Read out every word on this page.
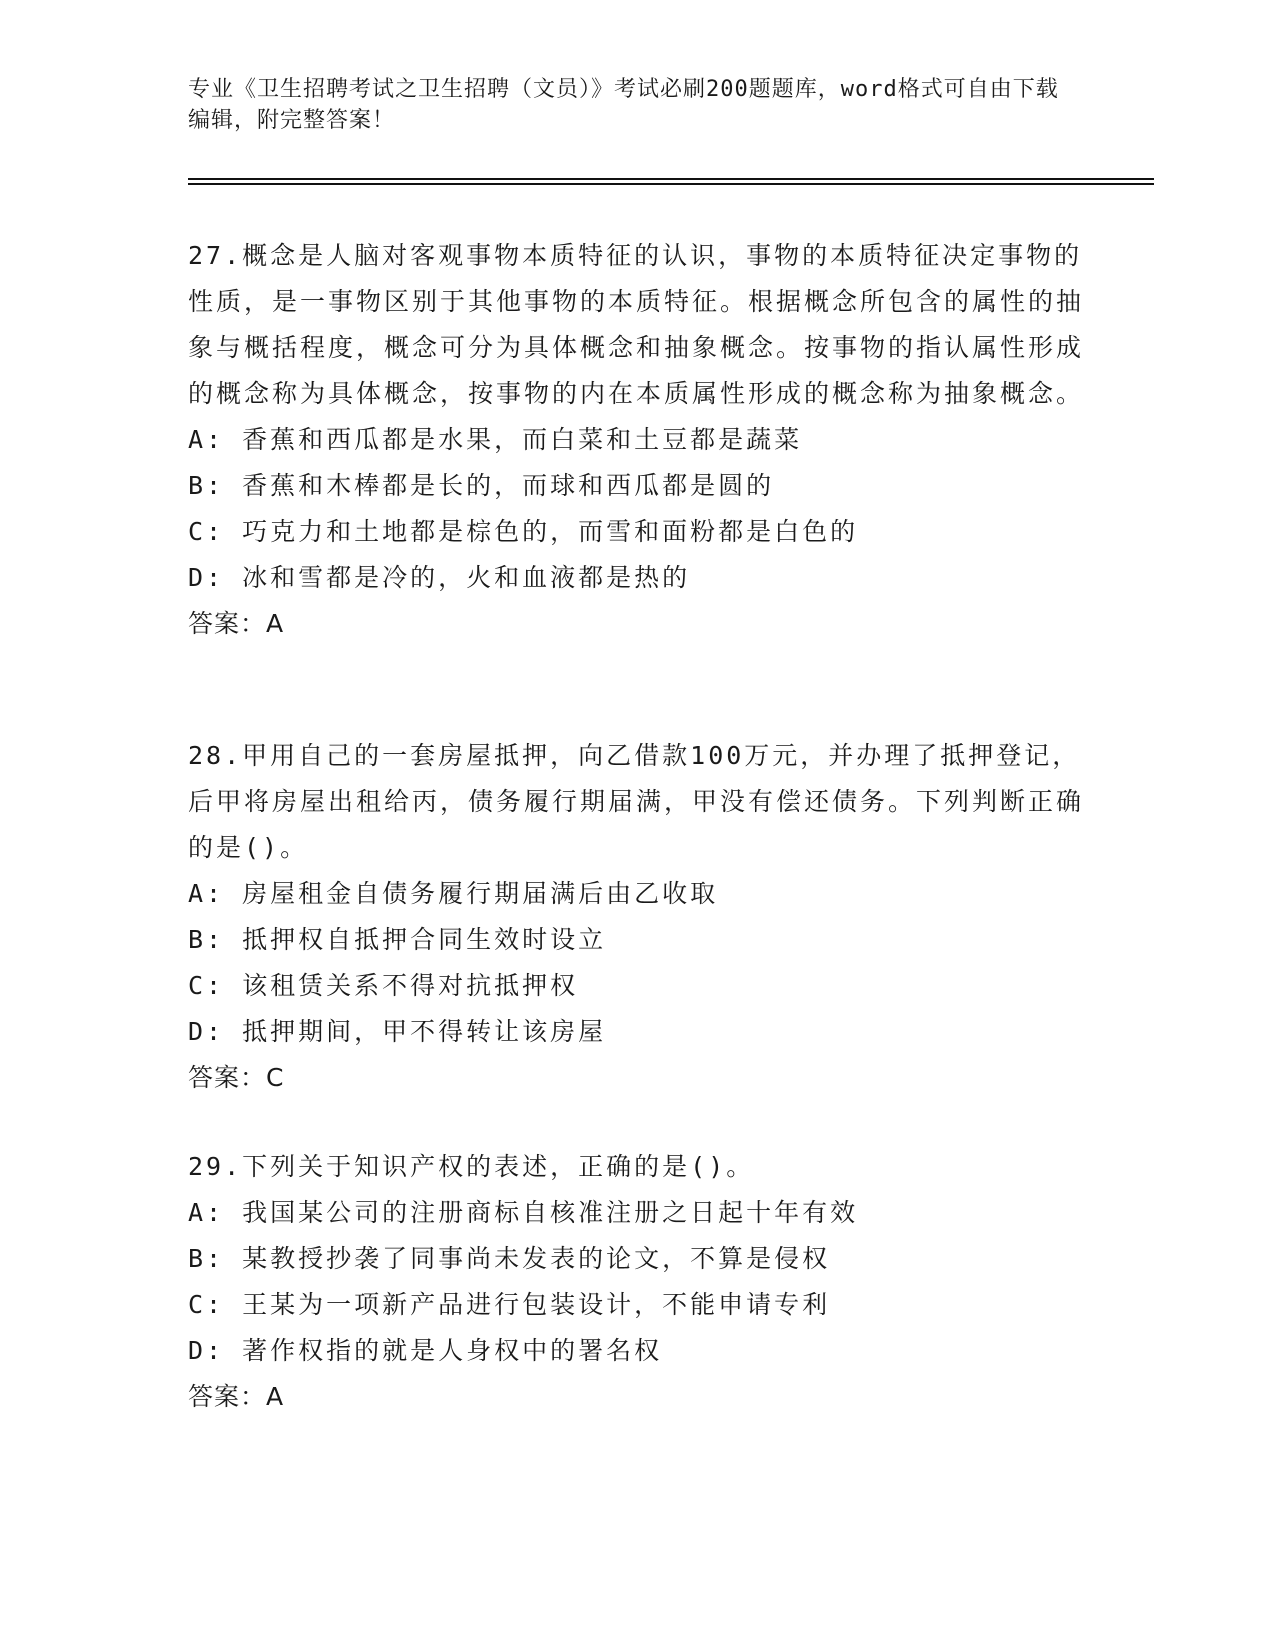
专业《卫生招聘考试之卫生招聘（文员）》考试必刷200题题库，word格式可自由下载编辑，附完整答案！

27.概念是人脑对客观事物本质特征的认识，事物的本质特征决定事物的性质，是一事物区别于其他事物的本质特征。根据概念所包含的属性的抽象与概括程度，概念可分为具体概念和抽象概念。按事物的指认属性形成的概念称为具体概念，按事物的内在本质属性形成的概念称为抽象概念。

A: 香蕉和西瓜都是水果，而白菜和土豆都是蔬菜

B: 香蕉和木棒都是长的，而球和西瓜都是圆的

C: 巧克力和土地都是棕色的，而雪和面粉都是白色的

D: 冰和雪都是冷的，火和血液都是热的

答案：A

28.甲用自己的一套房屋抵押，向乙借款100万元，并办理了抵押登记，后甲将房屋出租给丙，债务履行期届满，甲没有偿还债务。下列判断正确的是()。

A: 房屋租金自债务履行期届满后由乙收取

B: 抵押权自抵押合同生效时设立

C: 该租赁关系不得对抗抵押权

D: 抵押期间，甲不得转让该房屋

答案：C

29.下列关于知识产权的表述，正确的是()。

A: 我国某公司的注册商标自核准注册之日起十年有效

B: 某教授抄袭了同事尚未发表的论文，不算是侵权

C: 王某为一项新产品进行包装设计，不能申请专利

D: 著作权指的就是人身权中的署名权

答案：A
